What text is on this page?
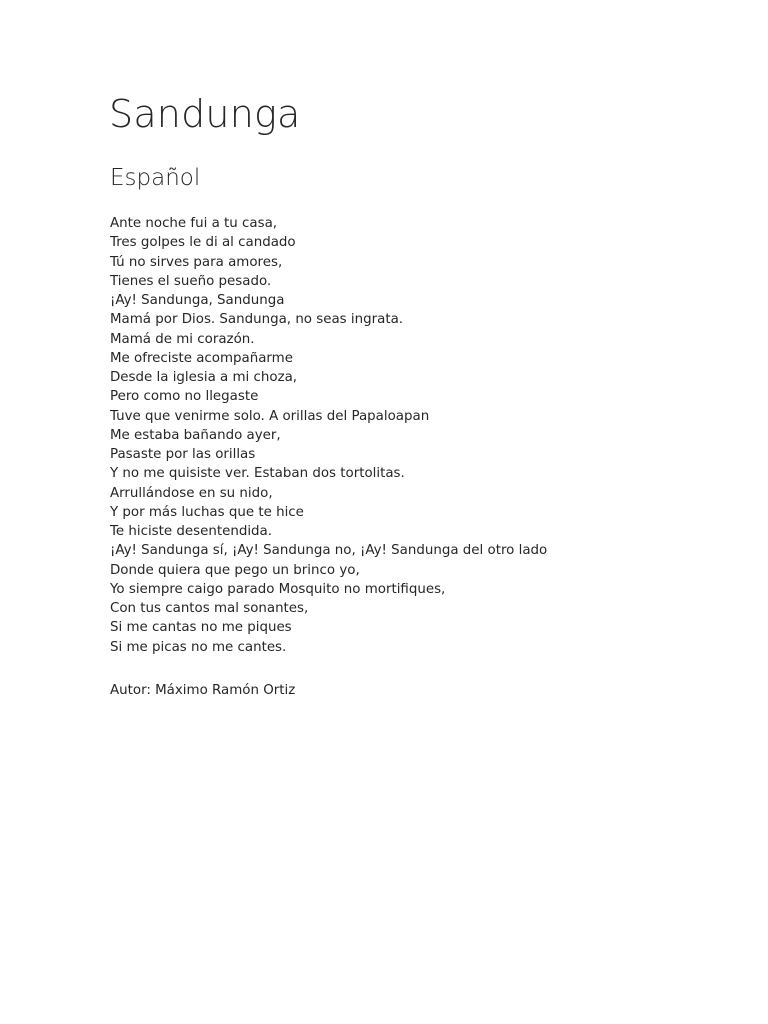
Sandunga
Español
Ante noche fui a tu casa,
Tres golpes le di al candado
Tú no sirves para amores,
Tienes el sueño pesado.
¡Ay! Sandunga, Sandunga
Mamá por Dios. Sandunga, no seas ingrata.
Mamá de mi corazón.
Me ofreciste acompañarme
Desde la iglesia a mi choza,
Pero como no llegaste
Tuve que venirme solo. A orillas del Papaloapan
Me estaba bañando ayer,
Pasaste por las orillas
Y no me quisiste ver. Estaban dos tortolitas.
Arrullándose en su nido,
Y por más luchas que te hice
Te hiciste desentendida.
¡Ay! Sandunga sí, ¡Ay! Sandunga no, ¡Ay! Sandunga del otro lado
Donde quiera que pego un brinco yo,
Yo siempre caigo parado Mosquito no mortifiques,
Con tus cantos mal sonantes,
Si me cantas no me piques
Si me picas no me cantes.

Autor: Máximo Ramón Ortiz
